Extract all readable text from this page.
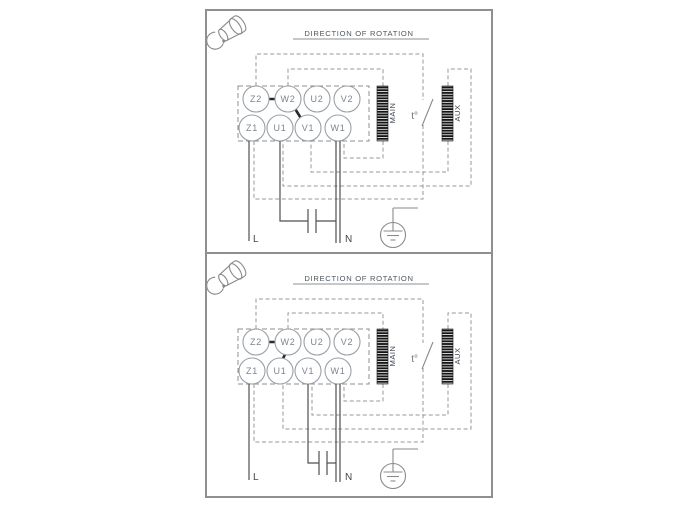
DIRECTION OF ROTATION
Z2 W2 U2 V2
Z1 U1 V1 W1
MAIN	AUX
t°
L	N
DIRECTION OF ROTATION
Z2 W2 U2 V2
Z1 U1 V1 W1
MAIN	AUX
t°
L	N
